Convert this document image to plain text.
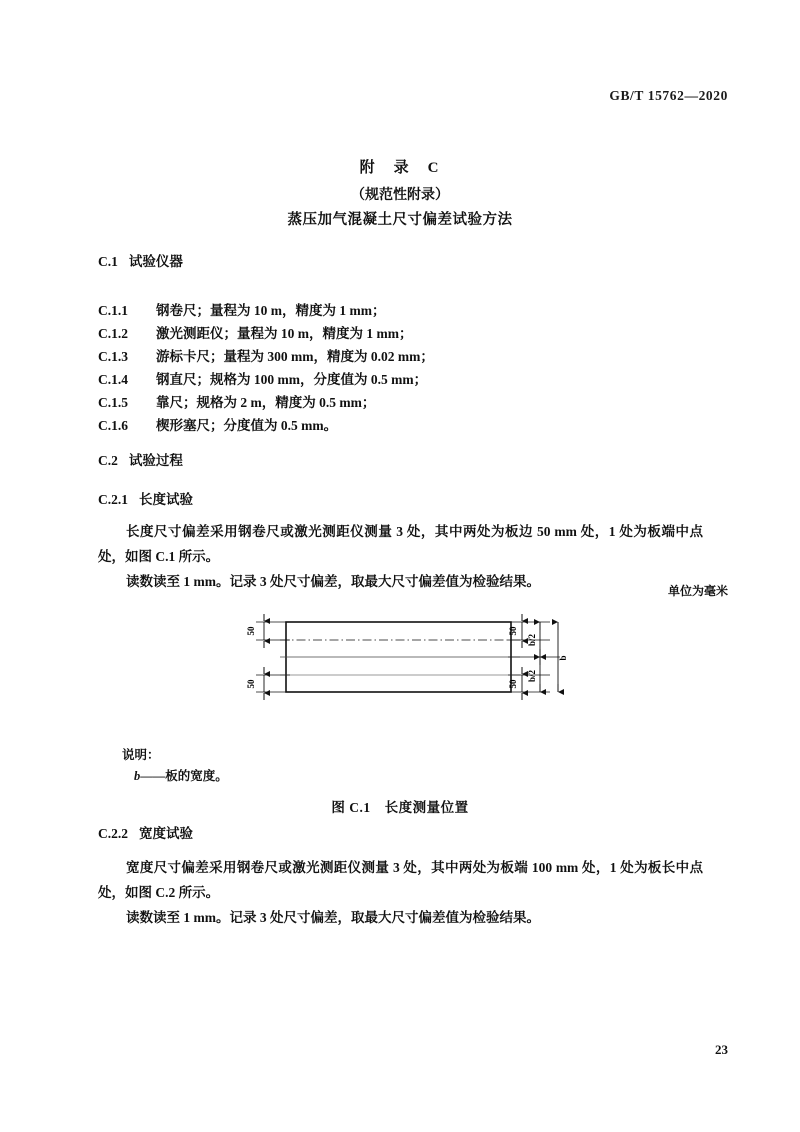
GB/T 15762—2020
附　录　C
（规范性附录）
蒸压加气混凝土尺寸偏差试验方法
C.1 试验仪器
C.1.1 钢卷尺；量程为 10 m，精度为 1 mm；
C.1.2 激光测距仪；量程为 10 m，精度为 1 mm；
C.1.3 游标卡尺；量程为 300 mm，精度为 0.02 mm；
C.1.4 钢直尺；规格为 100 mm，分度值为 0.5 mm；
C.1.5 靠尺；规格为 2 m，精度为 0.5 mm；
C.1.6 楔形塞尺；分度值为 0.5 mm。
C.2 试验过程
C.2.1 长度试验
长度尺寸偏差采用钢卷尺或激光测距仪测量 3 处，其中两处为板边 50 mm 处，1 处为板端中点处，如图 C.1 所示。
读数读至 1 mm。记录 3 处尺寸偏差，取最大尺寸偏差值为检验结果。
单位为毫米
50
50
50
50
b/2
b/2
b
说明：
b——板的宽度。
图 C.1 长度测量位置
C.2.2 宽度试验
宽度尺寸偏差采用钢卷尺或激光测距仪测量 3 处，其中两处为板端 100 mm 处，1 处为板长中点处，如图 C.2 所示。
读数读至 1 mm。记录 3 处尺寸偏差，取最大尺寸偏差值为检验结果。
23
